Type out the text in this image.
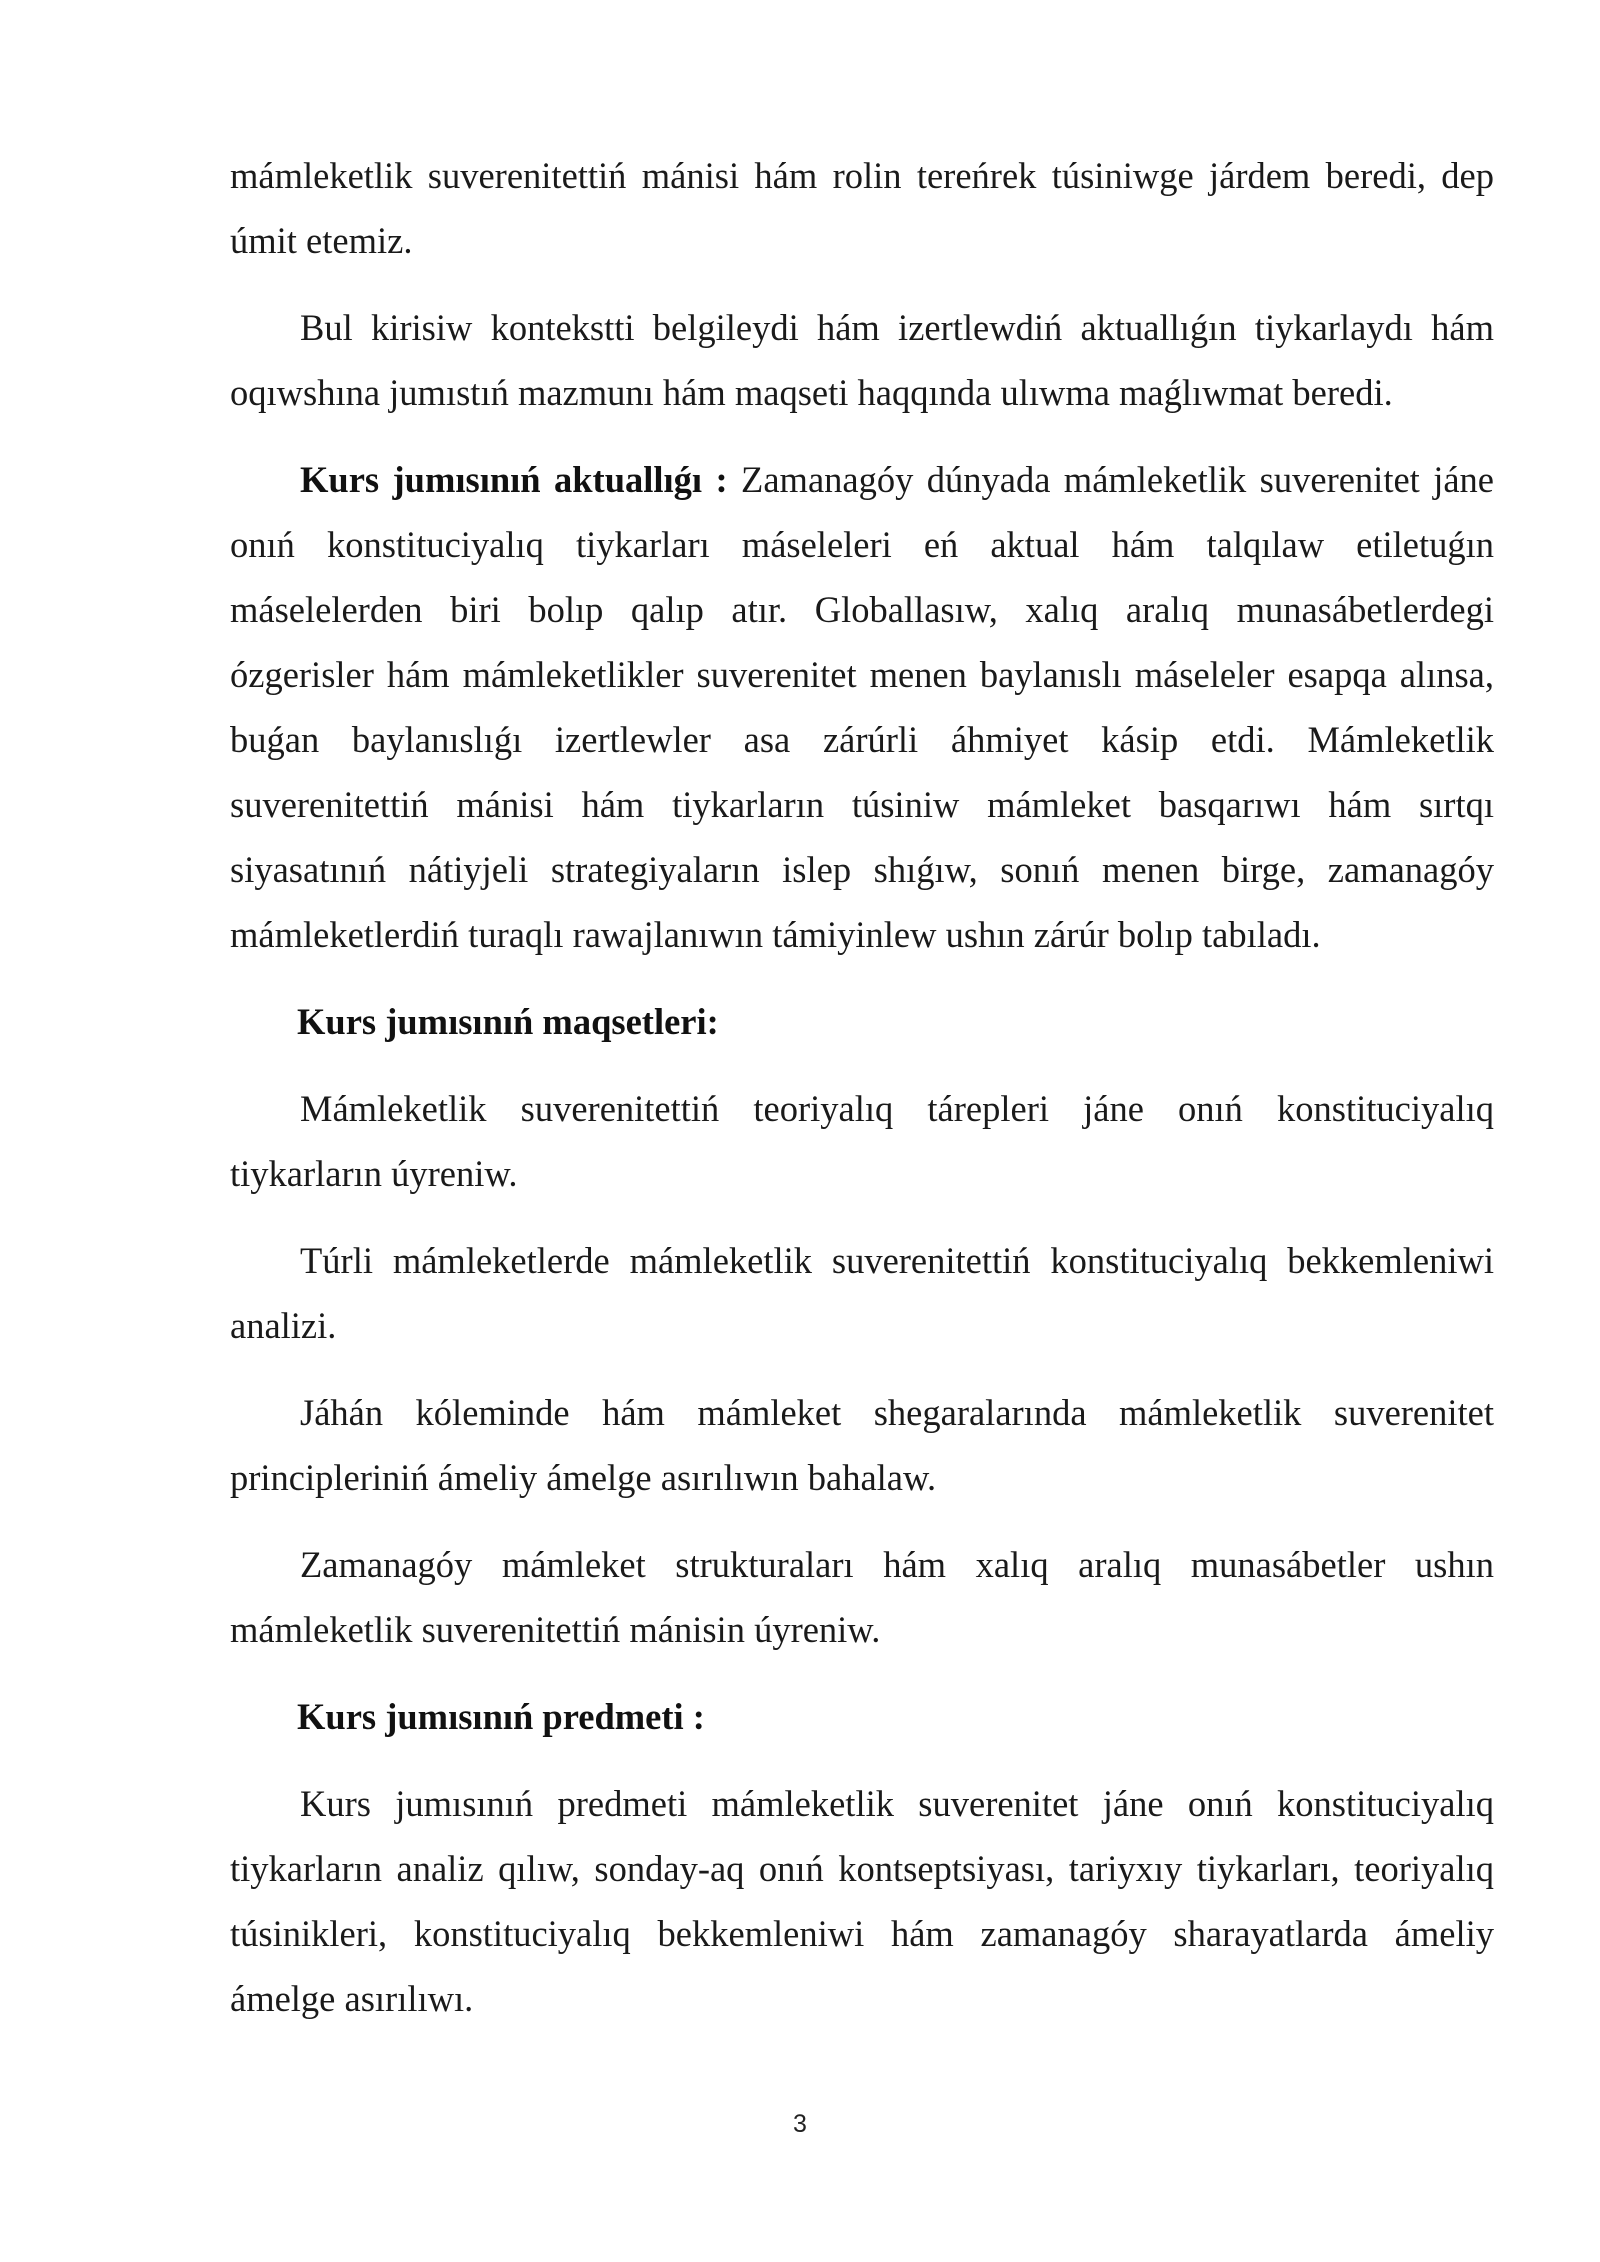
mámleketlik suverenitettiń mánisi hám rolin tereńrek túsiniwge járdem beredi, dep úmit etemiz.

Bul kirisiw kontekstti belgileydi hám izertlewdiń aktuallıǵın tiykarlaydı hám oqıwshına jumıstıń mazmunı hám maqseti haqqında ulıwma maǵlıwmat beredi.

Kurs jumısınıń aktuallıǵı : Zamanagóy dúnyada mámleketlik suverenitet jáne onıń konstituciyalıq tiykarları máseleleri eń aktual hám talqılaw etiletuǵın máselelerden biri bolıp qalıp atır. Globallasıw, xalıq aralıq munasábetlerdegi ózgerisler hám mámleketlikler suverenitet menen baylanıslı máseleler esapqa alınsa, buǵan baylanıslıǵı izertlewler asa zárúrli áhmiyet kásip etdi. Mámleketlik suverenitettiń mánisi hám tiykarların túsiniw mámleket basqarıwı hám sırtqı siyasatınıń nátiyjeli strategiyaların islep shıǵıw, sonıń menen birge, zamanagóy mámleketlerdiń turaqlı rawajlanıwın támiyinlew ushın zárúr bolıp tabıladı.

Kurs jumısınıń maqsetleri:

Mámleketlik suverenitettiń teoriyalıq tárepleri jáne onıń konstituciyalıq tiykarların úyreniw.

Túrli mámleketlerde mámleketlik suverenitettiń konstituciyalıq bekkemleniwi analizi.

Jáhán kóleminde hám mámleket shegaralarında mámleketlik suverenitet principleriniń ámeliy ámelge asırılıwın bahalaw.

Zamanagóy mámleket strukturaları hám xalıq aralıq munasábetler ushın mámleketlik suverenitettiń mánisin úyreniw.

Kurs jumısınıń predmeti :

Kurs jumısınıń predmeti mámleketlik suverenitet jáne onıń konstituciyalıq tiykarların analiz qılıw, sonday-aq onıń kontseptsiyası, tariyxıy tiykarları, teoriyalıq túsinikleri, konstituciyalıq bekkemleniwi hám zamanagóy sharayatlarda ámeliy ámelge asırılıwı.

3
